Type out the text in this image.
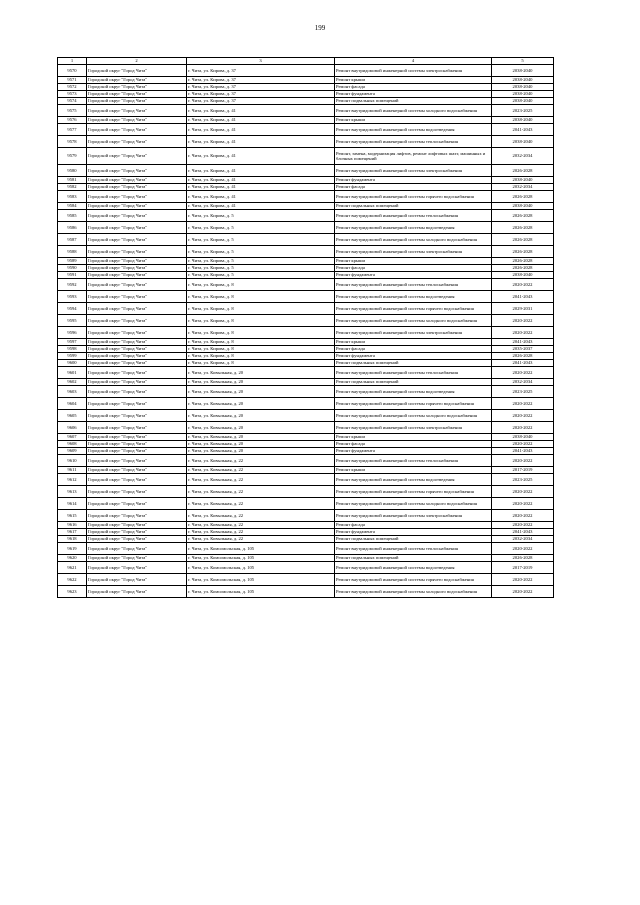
199
1	2	3	4	5
9570	Городской округ "Город Чита"	г. Чита, ул. Кирова, д. 37	Ремонт внутридомовой инженерной системы электроснабжения	2038-2040
9571	Городской округ "Город Чита"	г. Чита, ул. Кирова, д. 37	Ремонт крыши	2038-2040
9572	Городской округ "Город Чита"	г. Чита, ул. Кирова, д. 37	Ремонт фасада	2038-2040
9573	Городской округ "Город Чита"	г. Чита, ул. Кирова, д. 37	Ремонт фундамента	2038-2040
9574	Городской округ "Город Чита"	г. Чита, ул. Кирова, д. 37	Ремонт подвальных помещений	2038-2040
9575	Городской округ "Город Чита"	г. Чита, ул. Кирова, д. 41	Ремонт внутридомовой инженерной системы холодного водоснабжения	2023-2025
9576	Городской округ "Город Чита"	г. Чита, ул. Кирова, д. 41	Ремонт крыши	2038-2040
9577	Городской округ "Город Чита"	г. Чита, ул. Кирова, д. 41	Ремонт внутридомовой инженерной системы водоотведения	2041-2043
9578	Городской округ "Город Чита"	г. Чита, ул. Кирова, д. 41	Ремонт внутридомовой инженерной системы теплоснабжения	2038-2040
9579	Городской округ "Город Чита"	г. Чита, ул. Кирова, д. 41	Ремонт, замена, модернизация лифтов, ремонт лифтовых шахт, машинных и блочных помещений	2032-2034
9580	Городской округ "Город Чита"	г. Чита, ул. Кирова, д. 41	Ремонт внутридомовой инженерной системы электроснабжения	2026-2028
9581	Городской округ "Город Чита"	г. Чита, ул. Кирова, д. 41	Ремонт фундамента	2038-2040
9582	Городской округ "Город Чита"	г. Чита, ул. Кирова, д. 41	Ремонт фасада	2032-2034
9583	Городской округ "Город Чита"	г. Чита, ул. Кирова, д. 41	Ремонт внутридомовой инженерной системы горячего водоснабжения	2026-2028
9584	Городской округ "Город Чита"	г. Чита, ул. Кирова, д. 41	Ремонт подвальных помещений	2038-2040
9585	Городской округ "Город Чита"	г. Чита, ул. Кирова, д. 5	Ремонт внутридомовой инженерной системы теплоснабжения	2026-2028
9586	Городской округ "Город Чита"	г. Чита, ул. Кирова, д. 5	Ремонт внутридомовой инженерной системы водоотведения	2026-2028
9587	Городской округ "Город Чита"	г. Чита, ул. Кирова, д. 5	Ремонт внутридомовой инженерной системы холодного водоснабжения	2026-2028
9588	Городской округ "Город Чита"	г. Чита, ул. Кирова, д. 5	Ремонт внутридомовой инженерной системы электроснабжения	2026-2028
9589	Городской округ "Город Чита"	г. Чита, ул. Кирова, д. 5	Ремонт крыши	2026-2028
9590	Городской округ "Город Чита"	г. Чита, ул. Кирова, д. 5	Ремонт фасада	2026-2028
9591	Городской округ "Город Чита"	г. Чита, ул. Кирова, д. 5	Ремонт фундамента	2038-2040
9592	Городской округ "Город Чита"	г. Чита, ул. Кирова, д. 8	Ремонт внутридомовой инженерной системы теплоснабжения	2020-2022
9593	Городской округ "Город Чита"	г. Чита, ул. Кирова, д. 8	Ремонт внутридомовой инженерной системы водоотведения	2041-2043
9594	Городской округ "Город Чита"	г. Чита, ул. Кирова, д. 8	Ремонт внутридомовой инженерной системы горячего водоснабжения	2029-2031
9595	Городской округ "Город Чита"	г. Чита, ул. Кирова, д. 8	Ремонт внутридомовой инженерной системы холодного водоснабжения	2020-2022
9596	Городской округ "Город Чита"	г. Чита, ул. Кирова, д. 8	Ремонт внутридомовой инженерной системы электроснабжения	2020-2022
9597	Городской округ "Город Чита"	г. Чита, ул. Кирова, д. 8	Ремонт крыши	2041-2043
9598	Городской округ "Город Чита"	г. Чита, ул. Кирова, д. 8	Ремонт фасада	2035-2037
9599	Городской округ "Город Чита"	г. Чита, ул. Кирова, д. 8	Ремонт фундамента	2026-2028
9600	Городской округ "Город Чита"	г. Чита, ул. Кирова, д. 8	Ремонт подвальных помещений	2041-2043
9601	Городской округ "Город Чита"	г. Чита, ул. Ковыльная, д. 20	Ремонт внутридомовой инженерной системы теплоснабжения	2020-2022
9602	Городской округ "Город Чита"	г. Чита, ул. Ковыльная, д. 20	Ремонт подвальных помещений	2032-2034
9603	Городской округ "Город Чита"	г. Чита, ул. Ковыльная, д. 20	Ремонт внутридомовой инженерной системы водоотведения	2023-2025
9604	Городской округ "Город Чита"	г. Чита, ул. Ковыльная, д. 20	Ремонт внутридомовой инженерной системы горячего водоснабжения	2020-2022
9605	Городской округ "Город Чита"	г. Чита, ул. Ковыльная, д. 20	Ремонт внутридомовой инженерной системы холодного водоснабжения	2020-2022
9606	Городской округ "Город Чита"	г. Чита, ул. Ковыльная, д. 20	Ремонт внутридомовой инженерной системы электроснабжения	2020-2022
9607	Городской округ "Город Чита"	г. Чита, ул. Ковыльная, д. 20	Ремонт крыши	2038-2040
9608	Городской округ "Город Чита"	г. Чита, ул. Ковыльная, д. 20	Ремонт фасада	2020-2022
9609	Городской округ "Город Чита"	г. Чита, ул. Ковыльная, д. 20	Ремонт фундамента	2041-2043
9610	Городской округ "Город Чита"	г. Чита, ул. Ковыльная, д. 22	Ремонт внутридомовой инженерной системы теплоснабжения	2020-2022
9611	Городской округ "Город Чита"	г. Чита, ул. Ковыльная, д. 22	Ремонт крыши	2017-2019
9612	Городской округ "Город Чита"	г. Чита, ул. Ковыльная, д. 22	Ремонт внутридомовой инженерной системы водоотведения	2023-2025
9613	Городской округ "Город Чита"	г. Чита, ул. Ковыльная, д. 22	Ремонт внутридомовой инженерной системы горячего водоснабжения	2020-2022
9614	Городской округ "Город Чита"	г. Чита, ул. Ковыльная, д. 22	Ремонт внутридомовой инженерной системы холодного водоснабжения	2020-2022
9615	Городской округ "Город Чита"	г. Чита, ул. Ковыльная, д. 22	Ремонт внутридомовой инженерной системы электроснабжения	2020-2022
9616	Городской округ "Город Чита"	г. Чита, ул. Ковыльная, д. 22	Ремонт фасада	2020-2022
9617	Городской округ "Город Чита"	г. Чита, ул. Ковыльная, д. 22	Ремонт фундамента	2041-2043
9618	Городской округ "Город Чита"	г. Чита, ул. Ковыльная, д. 22	Ремонт подвальных помещений	2032-2034
9619	Городской округ "Город Чита"	г. Чита, ул. Комсомольская, д. 105	Ремонт внутридомовой инженерной системы теплоснабжения	2020-2022
9620	Городской округ "Город Чита"	г. Чита, ул. Комсомольская, д. 105	Ремонт подвальных помещений	2026-2028
9621	Городской округ "Город Чита"	г. Чита, ул. Комсомольская, д. 105	Ремонт внутридомовой инженерной системы водоотведения	2017-2019
9622	Городской округ "Город Чита"	г. Чита, ул. Комсомольская, д. 105	Ремонт внутридомовой инженерной системы горячего водоснабжения	2020-2022
9623	Городской округ "Город Чита"	г. Чита, ул. Комсомольская, д. 105	Ремонт внутридомовой инженерной системы холодного водоснабжения	2020-2022
